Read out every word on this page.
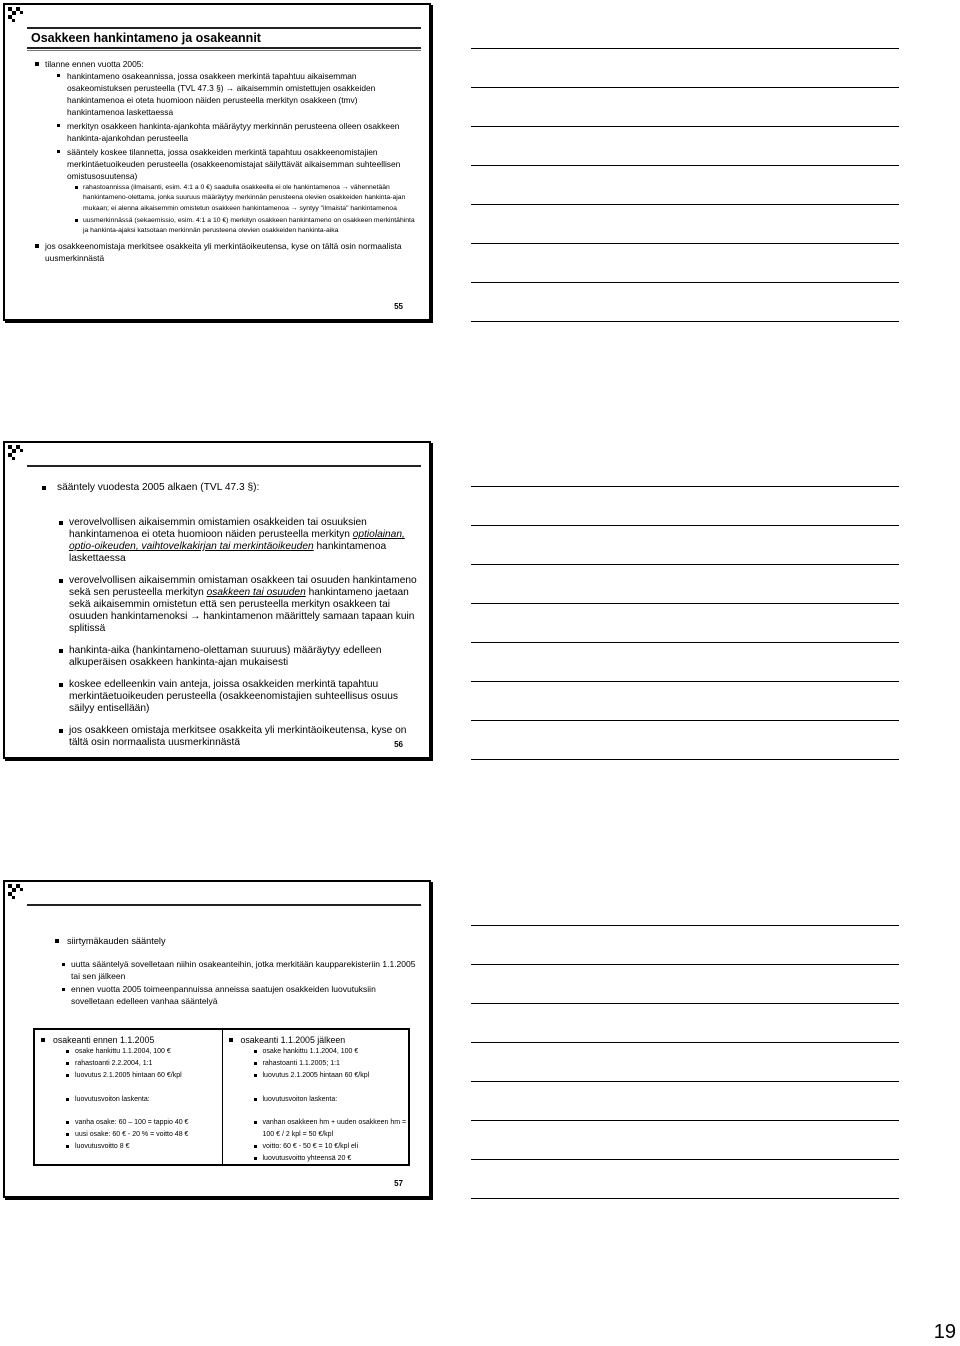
Osakkeen hankintameno ja osakeannit
tilanne ennen vuotta 2005:
hankintameno osakeannissa, jossa osakkeen merkintä tapahtuu aikaisemman osakeomistuksen perusteella (TVL 47.3 §) → aikaisemmin omistettujen osakkeiden hankintamenoa ei oteta huomioon näiden perusteella merkityn osakkeen (tmv) hankintamenoa laskettaessa
merkityn osakkeen hankinta-ajankohta määräytyy merkinnän perusteena olleen osakkeen hankinta-ajankohdan perusteella
sääntely koskee tilannetta, jossa osakkeiden merkintä tapahtuu osakkeenomistajien merkintäetuoikeuden perusteella (osakkeenomistajat säilyttävät aikaisemman suhteellisen omistusosuutensa)
rahastoannissa (ilmaisanti, esim. 4:1 a 0 €) saadulla osakkeella ei ole hankintamenoa → vähennetään hankintameno-olettama, jonka suuruus määräytyy merkinnän perusteena olevien osakkeiden hankinta-ajan mukaan; ei alenna aikaisemmin omistetun osakkeen hankintamenoa → syntyy "ilmaista" hankintamenoa
uusmerkinnässä (sekaemissio, esim. 4:1 a 10 €) merkityn osakkeen hankintameno on osakkeen merkintähinta ja hankinta-ajaksi katsotaan merkinnän perusteena olevien osakkeiden hankinta-aika
jos osakkeenomistaja merkitsee osakkeita yli merkintäoikeutensa, kyse on tältä osin normaalista uusmerkinnästä
55
sääntely vuodesta 2005 alkaen (TVL 47.3 §):
verovelvollisen aikaisemmin omistamien osakkeiden tai osuuksien hankintamenoa ei oteta huomioon näiden perusteella merkityn optiolainan, optio-oikeuden, vaihtovelkakirjan tai merkintäoikeuden hankintamenoa laskettaessa
verovelvollisen aikaisemmin omistaman osakkeen tai osuuden hankintameno sekä sen perusteella merkityn osakkeen tai osuuden hankintameno jaetaan sekä aikaisemmin omistetun että sen perusteella merkityn osakkeen tai osuuden hankintamenoksi → hankintamenon määrittely samaan tapaan kuin splitissä
hankinta-aika (hankintameno-olettaman suuruus) määräytyy edelleen alkuperäisen osakkeen hankinta-ajan mukaisesti
koskee edelleenkin vain anteja, joissa osakkeiden merkintä tapahtuu merkintäetuoikeuden perusteella (osakkeenomistajien suhteellisus osuus säilyy entisellään)
jos osakkeen omistaja merkitsee osakkeita yli merkintäoikeutensa, kyse on tältä osin normaalista uusmerkinnästä	56
siirtymäkauden sääntely
uutta sääntelyä sovelletaan niihin osakeanteihin, jotka merkitään kaupparekisteriin 1.1.2005 tai sen jälkeen
ennen vuotta 2005 toimeenpannuissa anneissa saatujen osakkeiden luovutuksiin sovelletaan edelleen vanhaa sääntelyä
osakeanti ennen 1.1.2005
osake hankittu 1.1.2004, 100 €
rahastoanti 2.2.2004, 1:1
luovutus 2.1.2005 hintaan 60 €/kpl
luovutusvoiton laskenta:
vanha osake: 60 – 100 = tappio 40 €
uusi osake: 60 € - 20 % = voitto 48 €
luovutusvoitto 8 €
osakeanti 1.1.2005 jälkeen
osake hankittu 1.1.2004, 100 €
rahastoanti 1.1.2005; 1:1
luovutus 2.1.2005 hintaan 60 €/kpl
luovutusvoiton laskenta:
vanhan osakkeen hm + uuden osakkeen hm = 100 € / 2 kpl = 50 €/kpl
voitto: 60 € - 50 € = 10 €/kpl eli
luovutusvoitto yhteensä 20 €
57
19
